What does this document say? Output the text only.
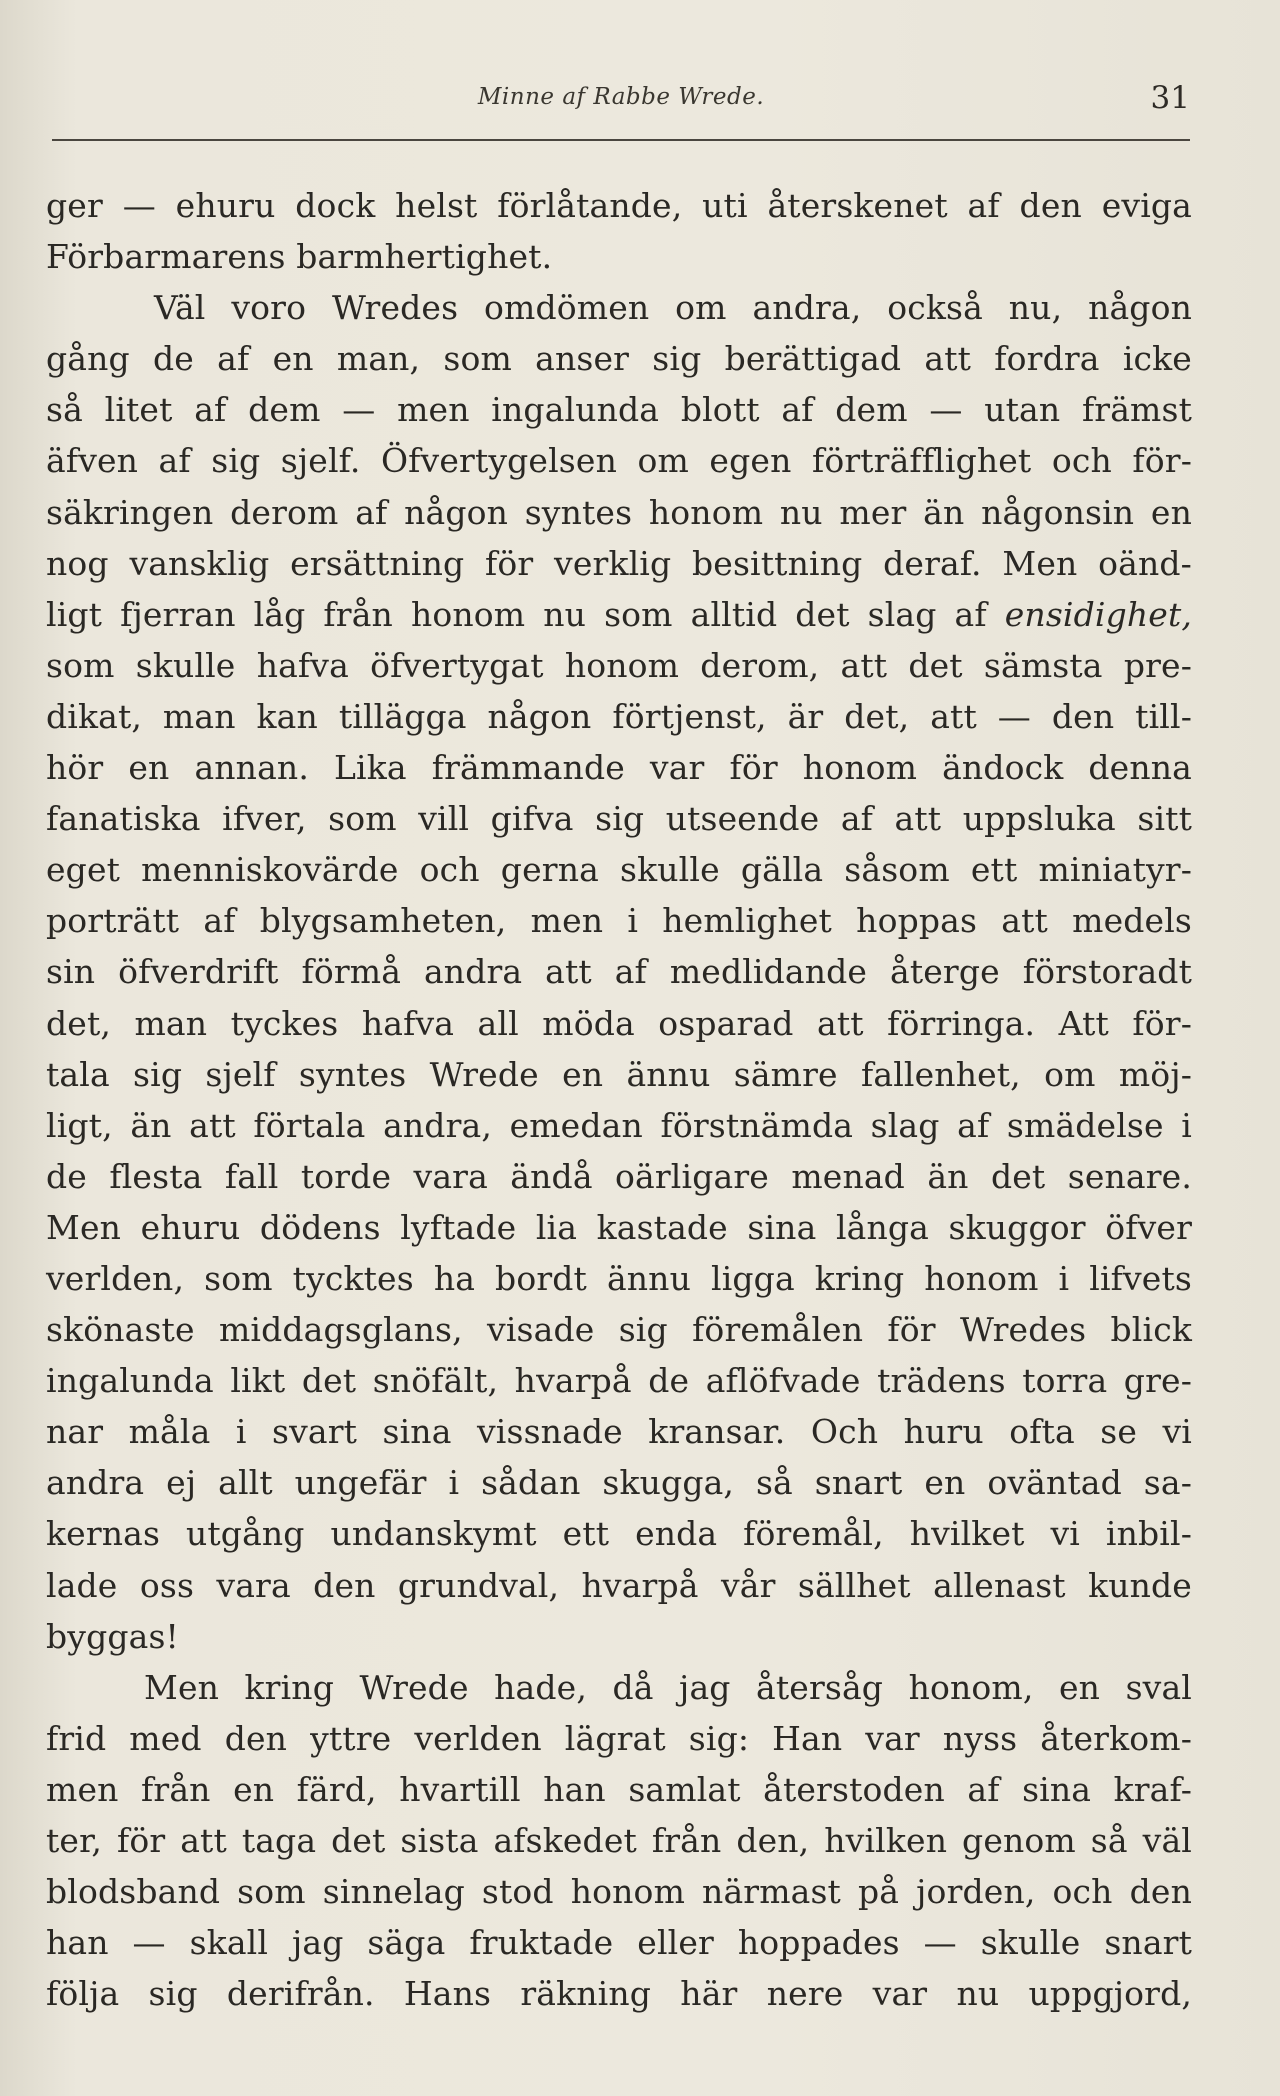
Minne af Rabbe Wrede.	31
ger — ehuru dock helst förlåtande, uti återskenet af den eviga
Förbarmarens barmhertighet.
Väl voro Wredes omdömen om andra, också nu, någon
gång de af en man, som anser sig berättigad att fordra icke
så litet af dem — men ingalunda blott af dem — utan främst
äfven af sig sjelf. Öfvertygelsen om egen förträfflighet och för-
säkringen derom af någon syntes honom nu mer än någonsin en
nog vansklig ersättning för verklig besittning deraf. Men oänd-
ligt fjerran låg från honom nu som alltid det slag af ensidighet,
som skulle hafva öfvertygat honom derom, att det sämsta pre-
dikat, man kan tillägga någon förtjenst, är det, att — den till-
hör en annan. Lika främmande var för honom ändock denna
fanatiska ifver, som vill gifva sig utseende af att uppsluka sitt
eget menniskovärde och gerna skulle gälla såsom ett miniatyr-
porträtt af blygsamheten, men i hemlighet hoppas att medels
sin öfverdrift förmå andra att af medlidande återge förstoradt
det, man tyckes hafva all möda osparad att förringa. Att för-
tala sig sjelf syntes Wrede en ännu sämre fallenhet, om möj-
ligt, än att förtala andra, emedan förstnämda slag af smädelse i
de flesta fall torde vara ändå oärligare menad än det senare.
Men ehuru dödens lyftade lia kastade sina långa skuggor öfver
verlden, som tycktes ha bordt ännu ligga kring honom i lifvets
skönaste middagsglans, visade sig föremålen för Wredes blick
ingalunda likt det snöfält, hvarpå de aflöfvade trädens torra gre-
nar måla i svart sina vissnade kransar. Och huru ofta se vi
andra ej allt ungefär i sådan skugga, så snart en oväntad sa-
kernas utgång undanskymt ett enda föremål, hvilket vi inbil-
lade oss vara den grundval, hvarpå vår sällhet allenast kunde
byggas!
Men kring Wrede hade, då jag återsåg honom, en sval
frid med den yttre verlden lägrat sig: Han var nyss återkom-
men från en färd, hvartill han samlat återstoden af sina kraf-
ter, för att taga det sista afskedet från den, hvilken genom så väl
blodsband som sinnelag stod honom närmast på jorden, och den
han — skall jag säga fruktade eller hoppades — skulle snart
följa sig derifrån. Hans räkning här nere var nu uppgjord,
